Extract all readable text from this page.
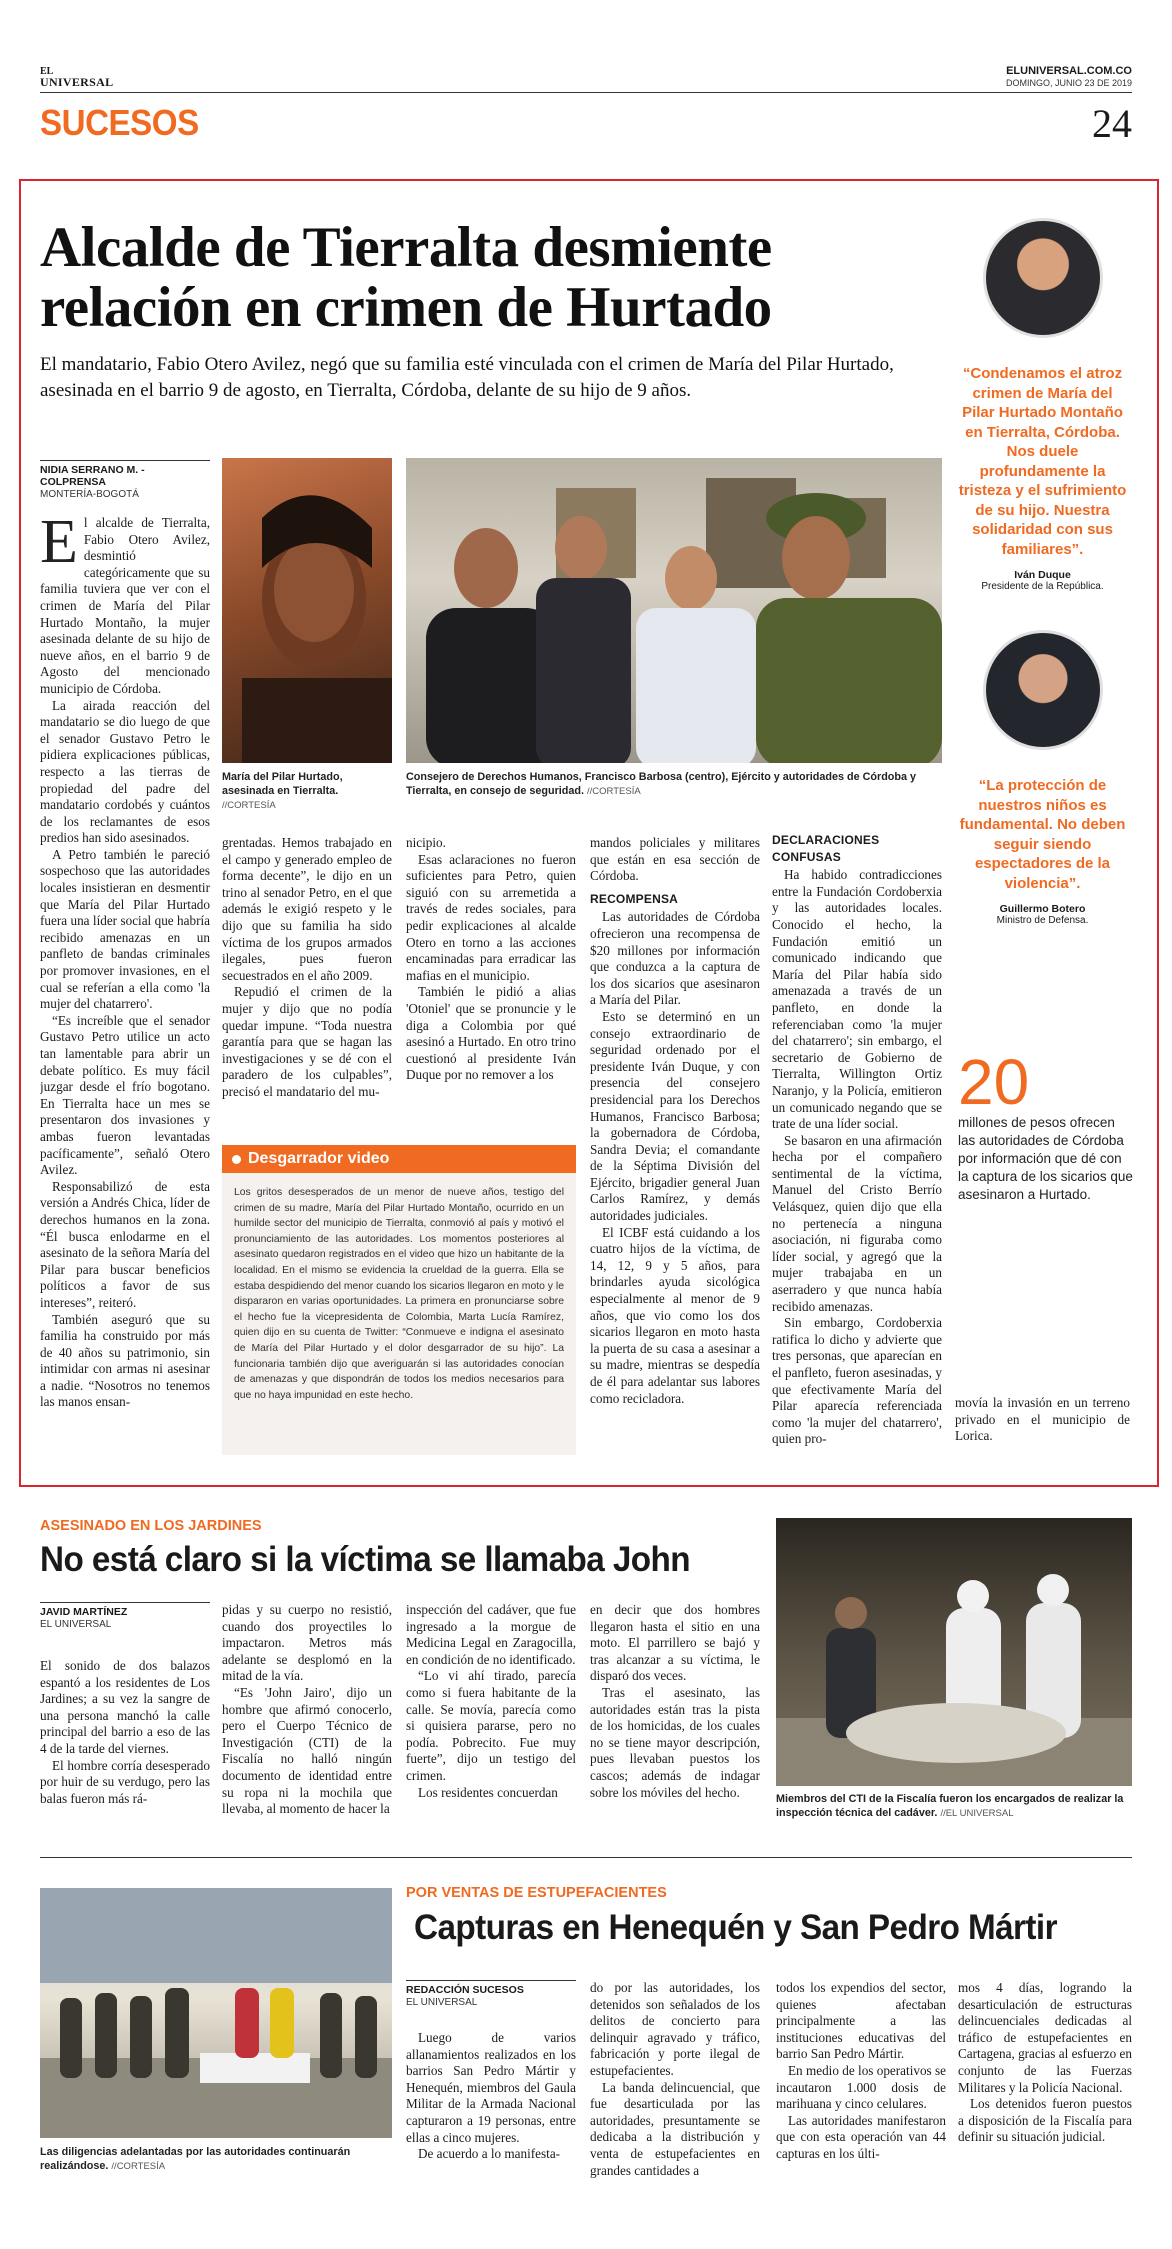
EL
UNIVERSAL
ELUNIVERSAL.COM.CO
DOMINGO, JUNIO 23 DE 2019
SUCESOS	24
Alcalde de Tierralta desmiente
relación en crimen de Hurtado
El mandatario, Fabio Otero Avilez, negó que su familia esté vinculada con el crimen de María del Pilar Hurtado, asesinada en el barrio 9 de agosto, en Tierralta, Córdoba, delante de su hijo de 9 años.
NIDIA SERRANO M. - COLPRENSA
MONTERÍA-BOGOTÁ

El alcalde de Tierralta, Fabio Otero Avilez, desmintió categóricamente que su familia tuviera que ver con el crimen de María del Pilar Hurtado Montaño, la mujer asesinada delante de su hijo de nueve años, en el barrio 9 de Agosto del mencionado municipio de Córdoba.

La airada reacción del mandatario se dio luego de que el senador Gustavo Petro le pidiera explicaciones públicas, respecto a las tierras de propiedad del padre del mandatario cordobés y cuántos de los reclamantes de esos predios han sido asesinados.

A Petro también le pareció sospechoso que las autoridades locales insistieran en desmentir que María del Pilar Hurtado fuera una líder social que habría recibido amenazas en un panfleto de bandas criminales por promover invasiones, en el cual se referían a ella como 'la mujer del chatarrero'.

“Es increíble que el senador Gustavo Petro utilice un acto tan lamentable para abrir un debate político. Es muy fácil juzgar desde el frío bogotano. En Tierralta hace un mes se presentaron dos invasiones y ambas fueron levantadas pacíficamente”, señaló Otero Avilez.

Responsabilizó de esta versión a Andrés Chica, líder de derechos humanos en la zona. “Él busca enlodarme en el asesinato de la señora María del Pilar para buscar beneficios políticos a favor de sus intereses”, reiteró.

También aseguró que su familia ha construido por más de 40 años su patrimonio, sin intimidar con armas ni asesinar a nadie. “Nosotros no tenemos las manos ensan-

María del Pilar Hurtado, asesinada en Tierralta. //CORTESÍA
Consejero de Derechos Humanos, Francisco Barbosa (centro), Ejército y autoridades de Córdoba y Tierralta, en consejo de seguridad. //CORTESÍA

grentadas. Hemos trabajado en el campo y generado empleo de forma decente”, le dijo en un trino al senador Petro, en el que además le exigió respeto y le dijo que su familia ha sido víctima de los grupos armados ilegales, pues fueron secuestrados en el año 2009.

Repudió el crimen de la mujer y dijo que no podía quedar impune. “Toda nuestra garantía para que se hagan las investigaciones y se dé con el paradero de los culpables”, precisó el mandatario del mu-

nicipio.

Esas aclaraciones no fueron suficientes para Petro, quien siguió con su arremetida a través de redes sociales, para pedir explicaciones al alcalde Otero en torno a las acciones encaminadas para erradicar las mafias en el municipio.

También le pidió a alias 'Otoniel' que se pronuncie y le diga a Colombia por qué asesinó a Hurtado. En otro trino cuestionó al presidente Iván Duque por no remover a los

Desgarrador video
Los gritos desesperados de un menor de nueve años, testigo del crimen de su madre, María del Pilar Hurtado Montaño, ocurrido en un humilde sector del municipio de Tierralta, conmovió al país y motivó el pronunciamiento de las autoridades. Los momentos posteriores al asesinato quedaron registrados en el video que hizo un habitante de la localidad. En el mismo se evidencia la crueldad de la guerra. Ella se estaba despidiendo del menor cuando los sicarios llegaron en moto y le dispararon en varias oportunidades. La primera en pronunciarse sobre el hecho fue la vicepresidenta de Colombia, Marta Lucía Ramírez, quien dijo en su cuenta de Twitter: “Conmueve e indigna el asesinato de María del Pilar Hurtado y el dolor desgarrador de su hijo”. La funcionaria también dijo que averiguarán si las autoridades conocían de amenazas y que dispondrán de todos los medios necesarios para que no haya impunidad en este hecho.

mandos policiales y militares que están en esa sección de Córdoba.

RECOMPENSA

Las autoridades de Córdoba ofrecieron una recompensa de $20 millones por información que conduzca a la captura de los dos sicarios que asesinaron a María del Pilar.

Esto se determinó en un consejo extraordinario de seguridad ordenado por el presidente Iván Duque, y con presencia del consejero presidencial para los Derechos Humanos, Francisco Barbosa; la gobernadora de Córdoba, Sandra Devia; el comandante de la Séptima División del Ejército, brigadier general Juan Carlos Ramírez, y demás autoridades judiciales.

El ICBF está cuidando a los cuatro hijos de la víctima, de 14, 12, 9 y 5 años, para brindarles ayuda sicológica especialmente al menor de 9 años, que vio como los dos sicarios llegaron en moto hasta la puerta de su casa a asesinar a su madre, mientras se despedía de él para adelantar sus labores como recicladora.

DECLARACIONES CONFUSAS

Ha habido contradicciones entre la Fundación Cordoberxia y las autoridades locales. Conocido el hecho, la Fundación emitió un comunicado indicando que María del Pilar había sido amenazada a través de un panfleto, en donde la referenciaban como 'la mujer del chatarrero'; sin embargo, el secretario de Gobierno de Tierralta, Willington Ortiz Naranjo, y la Policía, emitieron un comunicado negando que se trate de una líder social.

Se basaron en una afirmación hecha por el compañero sentimental de la víctima, Manuel del Cristo Berrío Velásquez, quien dijo que ella no pertenecía a ninguna asociación, ni figuraba como líder social, y agregó que la mujer trabajaba en un aserradero y que nunca había recibido amenazas.

Sin embargo, Cordoberxia ratifica lo dicho y advierte que tres personas, que aparecían en el panfleto, fueron asesinadas, y que efectivamente María del Pilar aparecía referenciada como 'la mujer del chatarrero', quien pro-

movía la invasión en un terreno privado en el municipio de Lorica.

“Condenamos el atroz crimen de María del Pilar Hurtado Montaño en Tierralta, Córdoba. Nos duele profundamente la tristeza y el sufrimiento de su hijo. Nuestra solidaridad con sus familiares”.
Iván Duque
Presidente de la República.
“La protección de nuestros niños es fundamental. No deben seguir siendo espectadores de la violencia”.
Guillermo Botero
Ministro de Defensa.
20
millones de pesos ofrecen las autoridades de Córdoba por información que dé con la captura de los sicarios que asesinaron a Hurtado.
ASESINADO EN LOS JARDINES
No está claro si la víctima se llamaba John
JAVID MARTÍNEZ
EL UNIVERSAL

El sonido de dos balazos espantó a los residentes de Los Jardines; a su vez la sangre de una persona manchó la calle principal del barrio a eso de las 4 de la tarde del viernes.

El hombre corría desesperado por huir de su verdugo, pero las balas fueron más rá-

pidas y su cuerpo no resistió, cuando dos proyectiles lo impactaron. Metros más adelante se desplomó en la mitad de la vía.

“Es 'John Jairo', dijo un hombre que afirmó conocerlo, pero el Cuerpo Técnico de Investigación (CTI) de la Fiscalía no halló ningún documento de identidad entre su ropa ni la mochila que llevaba, al momento de hacer la

inspección del cadáver, que fue ingresado a la morgue de Medicina Legal en Zaragocilla, en condición de no identificado.

“Lo vi ahí tirado, parecía como si fuera habitante de la calle. Se movía, parecía como si quisiera pararse, pero no podía. Pobrecito. Fue muy fuerte”, dijo un testigo del crimen.

Los residentes concuerdan

en decir que dos hombres llegaron hasta el sitio en una moto. El parrillero se bajó y tras alcanzar a su víctima, le disparó dos veces.

Tras el asesinato, las autoridades están tras la pista de los homicidas, de los cuales no se tiene mayor descripción, pues llevaban puestos los cascos; además de indagar sobre los móviles del hecho.	Miembros del CTI de la Fiscalía fueron los encargados de realizar la inspección técnica del cadáver. //EL UNIVERSAL
Las diligencias adelantadas por las autoridades continuarán realizándose. //CORTESÍA
POR VENTAS DE ESTUPEFACIENTES
Capturas en Henequén y San Pedro Mártir
REDACCIÓN SUCESOS
EL UNIVERSAL

Luego de varios allanamientos realizados en los barrios San Pedro Mártir y Henequén, miembros del Gaula Militar de la Armada Nacional capturaron a 19 personas, entre ellas a cinco mujeres.

De acuerdo a lo manifesta-

do por las autoridades, los detenidos son señalados de los delitos de concierto para delinquir agravado y tráfico, fabricación y porte ilegal de estupefacientes.

La banda delincuencial, que fue desarticulada por las autoridades, presuntamente se dedicaba a la distribución y venta de estupefacientes en grandes cantidades a

todos los expendios del sector, quienes afectaban principalmente a las instituciones educativas del barrio San Pedro Mártir.

En medio de los operativos se incautaron 1.000 dosis de marihuana y cinco celulares.

Las autoridades manifestaron que con esta operación van 44 capturas en los últi-

mos 4 días, logrando la desarticulación de estructuras delincuenciales dedicadas al tráfico de estupefacientes en Cartagena, gracias al esfuerzo en conjunto de las Fuerzas Militares y la Policía Nacional.

Los detenidos fueron puestos a disposición de la Fiscalía para definir su situación judicial.
